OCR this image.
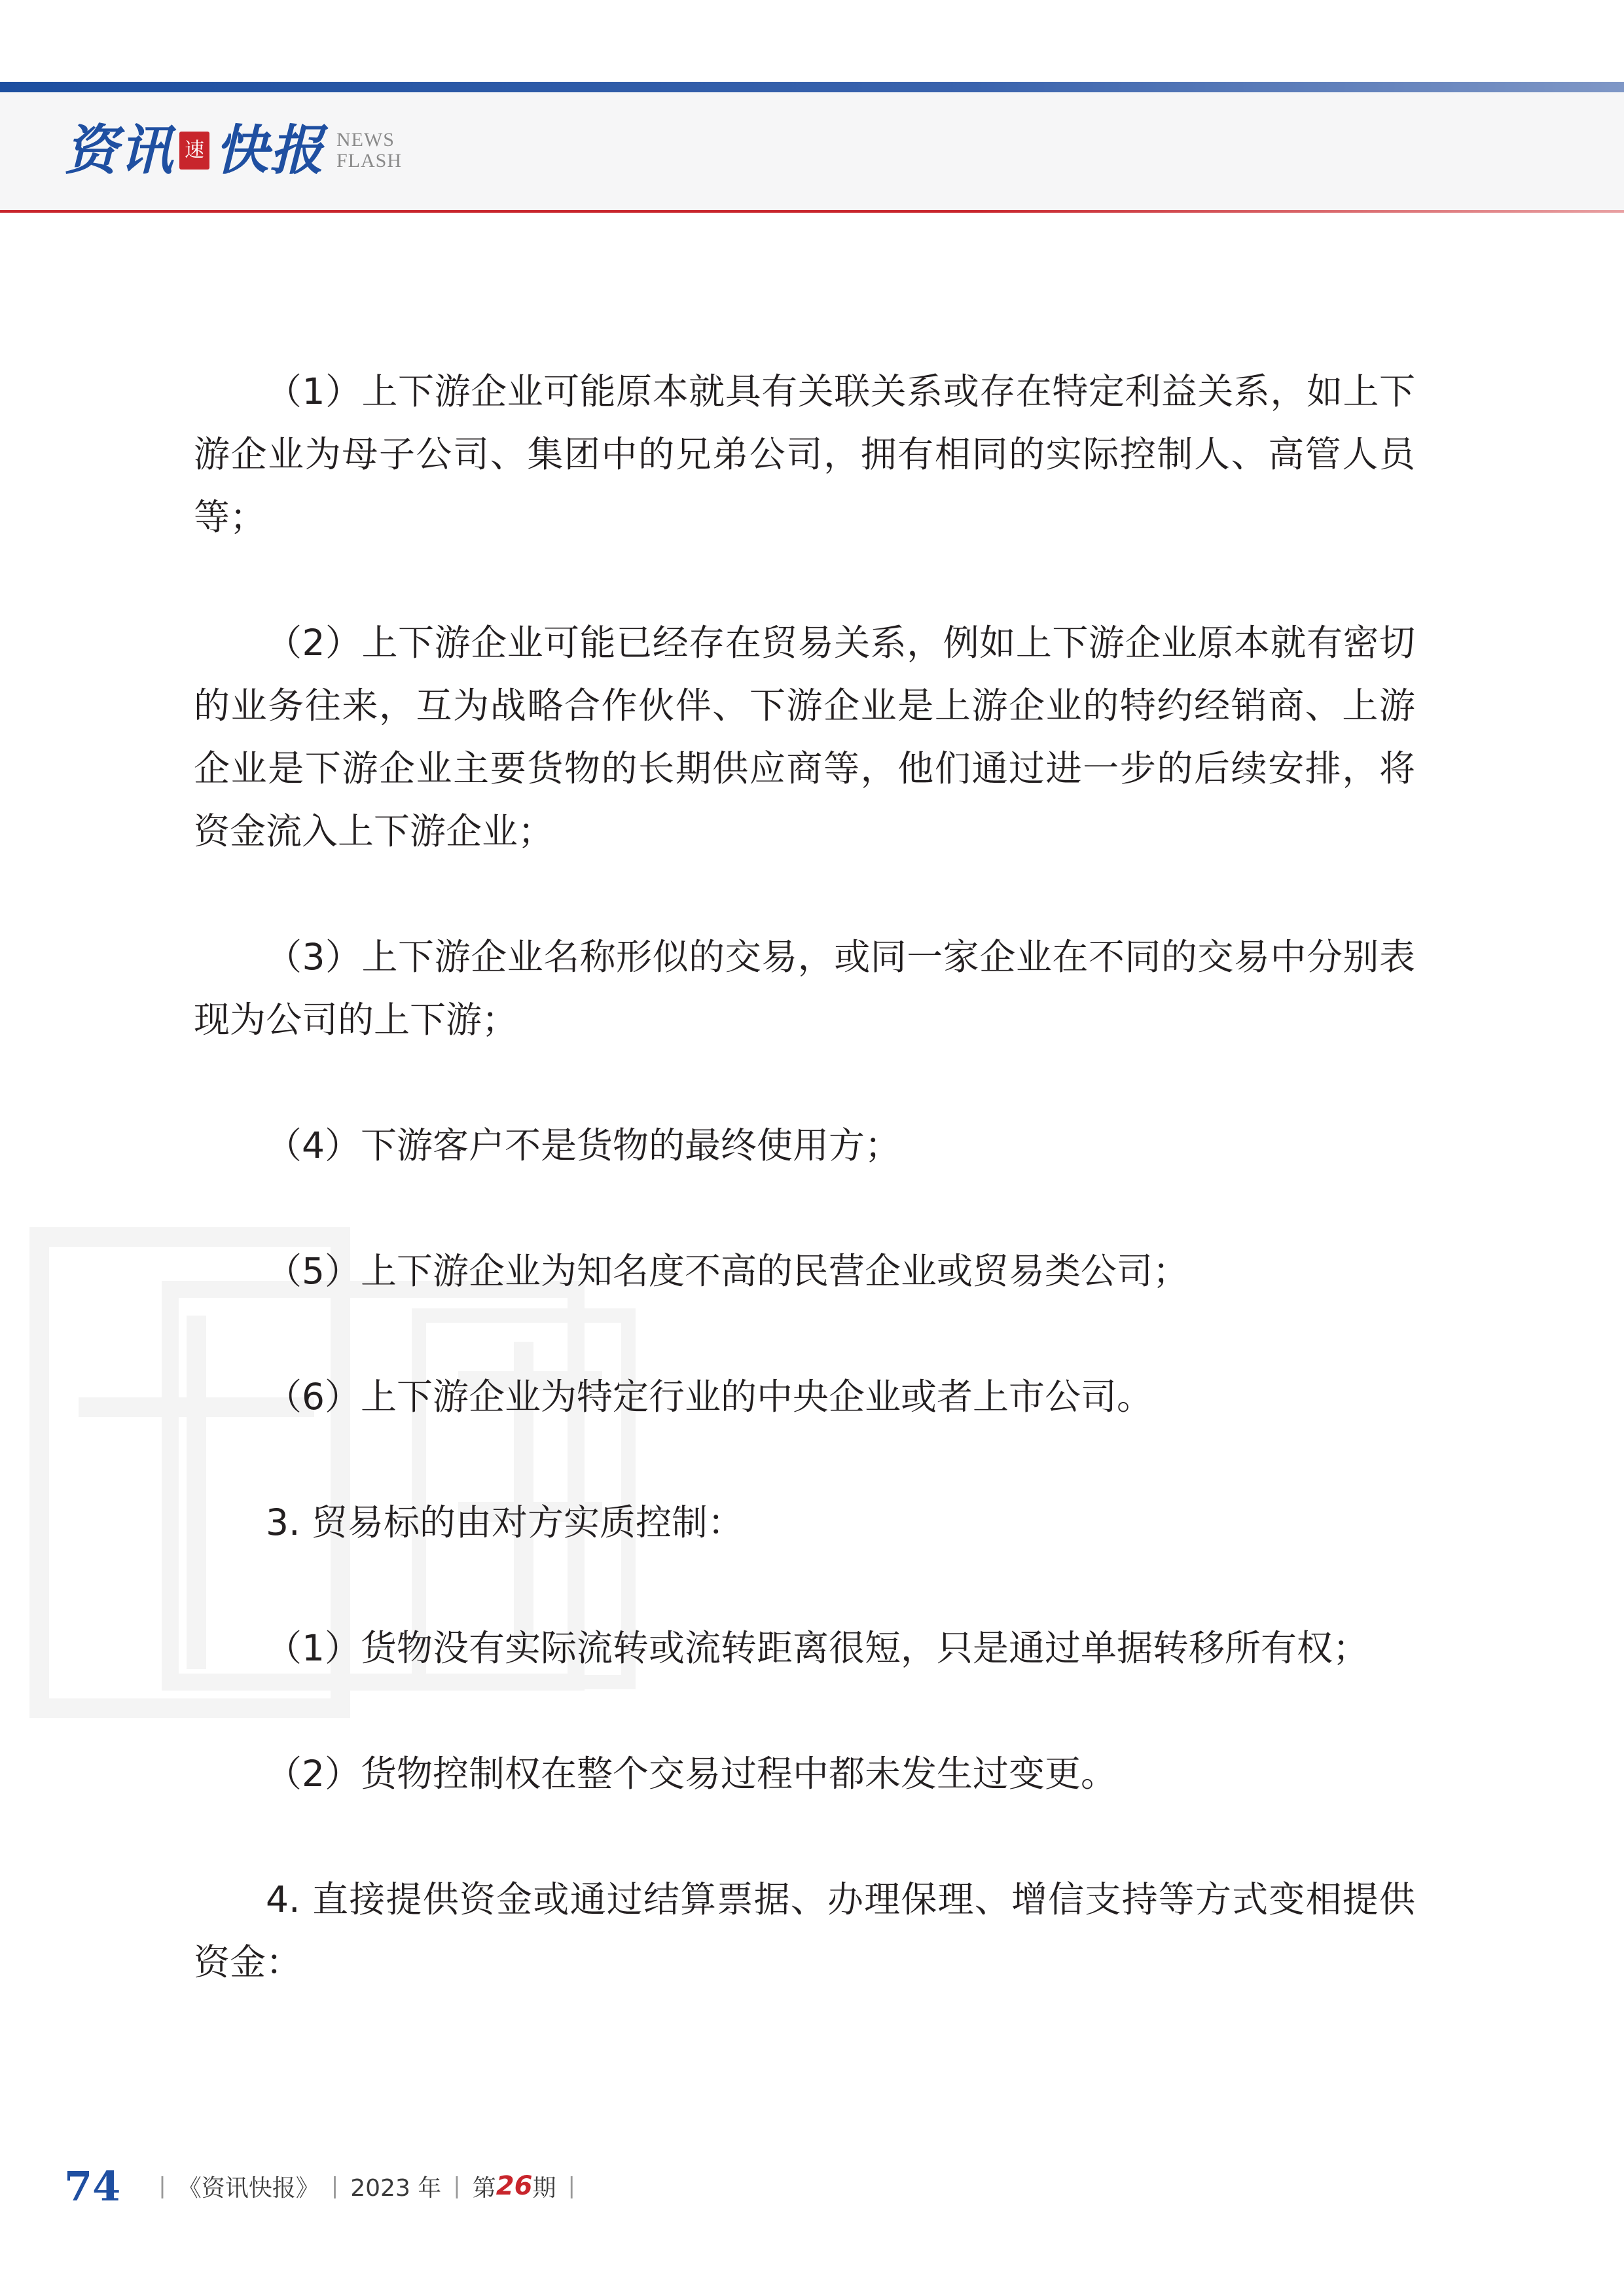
资讯 速 快报 NEWS
FLASH

（1）上下游企业可能原本就具有关联关系或存在特定利益关系，如上下游企业为母子公司、集团中的兄弟公司，拥有相同的实际控制人、高管人员等；

（2）上下游企业可能已经存在贸易关系，例如上下游企业原本就有密切的业务往来，互为战略合作伙伴、下游企业是上游企业的特约经销商、上游企业是下游企业主要货物的长期供应商等，他们通过进一步的后续安排，将资金流入上下游企业；

（3）上下游企业名称形似的交易，或同一家企业在不同的交易中分别表现为公司的上下游；

（4）下游客户不是货物的最终使用方；

（5）上下游企业为知名度不高的民营企业或贸易类公司；

（6）上下游企业为特定行业的中央企业或者上市公司。

3. 贸易标的由对方实质控制：

（1）货物没有实际流转或流转距离很短，只是通过单据转移所有权；

（2）货物控制权在整个交易过程中都未发生过变更。

4. 直接提供资金或通过结算票据、办理保理、增信支持等方式变相提供资金：

74 | 《资讯快报》 | 2023 年 | 第 26 期 |
